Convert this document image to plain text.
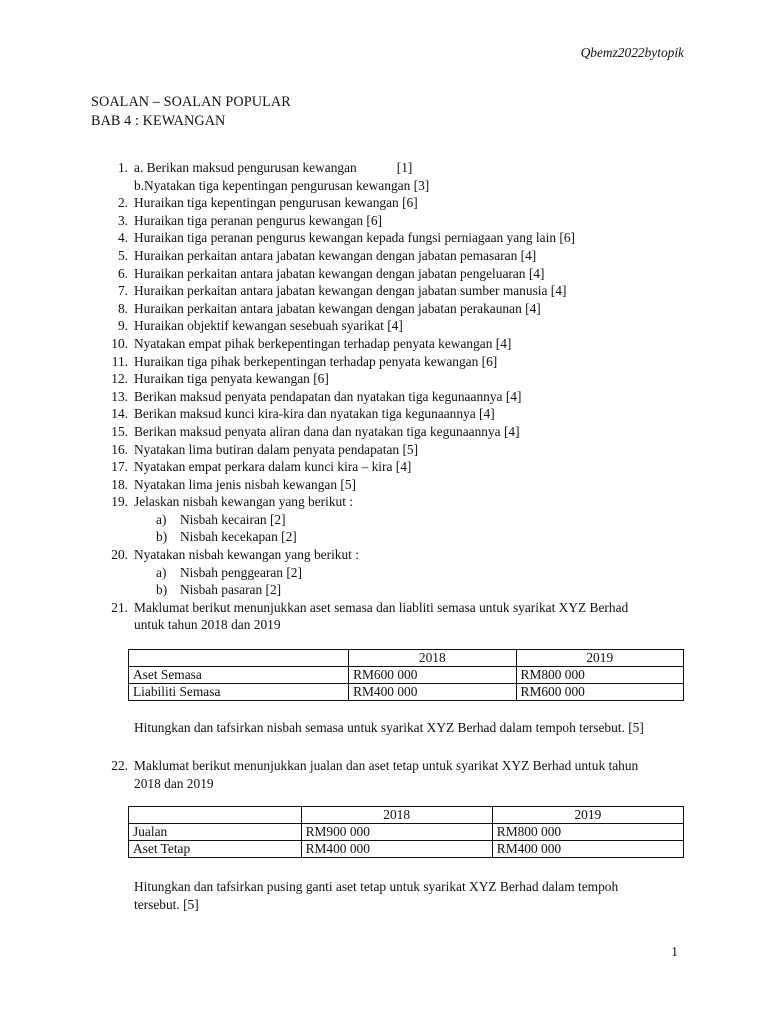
Qbemz2022bytopik
SOALAN – SOALAN POPULAR
BAB 4 : KEWANGAN
1. a. Berikan maksud pengurusan kewangan	[1]
b.Nyatakan tiga kepentingan pengurusan kewangan [3]
2. Huraikan tiga kepentingan pengurusan kewangan [6]
3. Huraikan tiga peranan pengurus kewangan [6]
4. Huraikan tiga peranan pengurus kewangan kepada fungsi perniagaan yang lain [6]
5. Huraikan perkaitan antara jabatan kewangan dengan jabatan pemasaran [4]
6. Huraikan perkaitan antara jabatan kewangan dengan jabatan pengeluaran [4]
7. Huraikan perkaitan antara jabatan kewangan dengan jabatan sumber manusia [4]
8. Huraikan perkaitan antara jabatan kewangan dengan jabatan perakaunan [4]
9. Huraikan objektif kewangan sesebuah syarikat [4]
10. Nyatakan empat pihak berkepentingan terhadap penyata kewangan [4]
11. Huraikan tiga pihak berkepentingan terhadap penyata kewangan [6]
12. Huraikan tiga penyata kewangan [6]
13. Berikan maksud penyata pendapatan dan nyatakan tiga kegunaannya [4]
14. Berikan maksud kunci kira-kira dan nyatakan tiga kegunaannya [4]
15. Berikan maksud penyata aliran dana dan nyatakan tiga kegunaannya [4]
16. Nyatakan lima butiran dalam penyata pendapatan [5]
17. Nyatakan empat perkara dalam kunci kira – kira [4]
18. Nyatakan lima jenis nisbah kewangan [5]
19. Jelaskan nisbah kewangan yang berikut :
a) Nisbah kecairan [2]
b) Nisbah kecekapan [2]
20. Nyatakan nisbah kewangan yang berikut :
a) Nisbah penggearan [2]
b) Nisbah pasaran [2]
21. Maklumat berikut menunjukkan aset semasa dan liabliti semasa untuk syarikat XYZ Berhad
untuk tahun 2018 dan 2019
	2018	2019
Aset Semasa	RM600 000	RM800 000
Liabiliti Semasa	RM400 000	RM600 000
Hitungkan dan tafsirkan nisbah semasa untuk syarikat XYZ Berhad dalam tempoh tersebut. [5]
22. Maklumat berikut menunjukkan jualan dan aset tetap untuk syarikat XYZ Berhad untuk tahun
2018 dan 2019
	2018	2019
Jualan	RM900 000	RM800 000
Aset Tetap	RM400 000	RM400 000
Hitungkan dan tafsirkan pusing ganti aset tetap untuk syarikat XYZ Berhad dalam tempoh
tersebut. [5]
1
